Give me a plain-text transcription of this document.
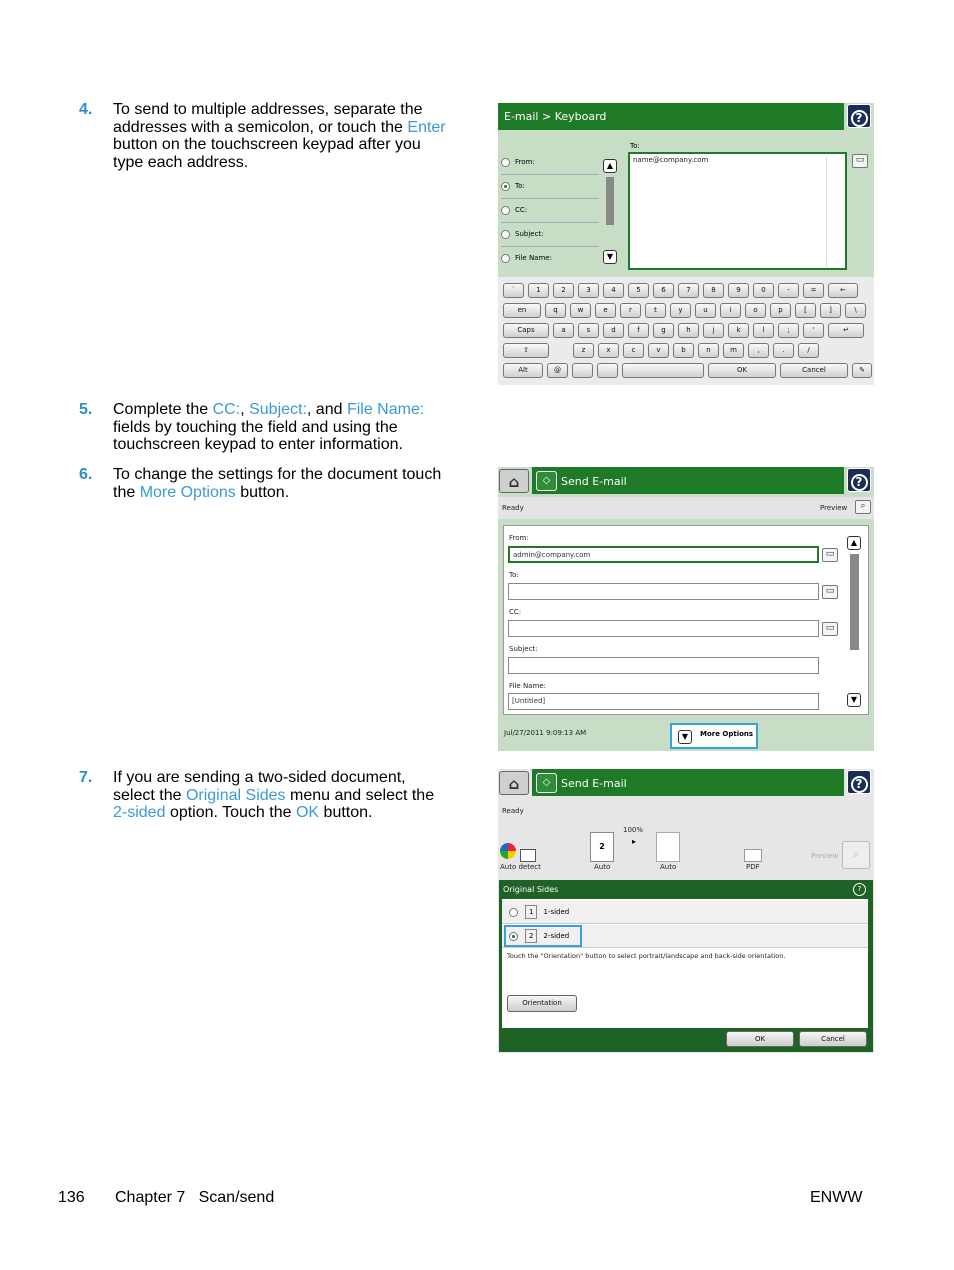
4. To send to multiple addresses, separate the
addresses with a semicolon, or touch the Enter
button on the touchscreen keypad after you
type each address.
5. Complete the CC:, Subject:, and File Name:
fields by touching the field and using the
touchscreen keypad to enter information.
6. To change the settings for the document touch
the More Options button.
7. If you are sending a two-sided document,
select the Original Sides menu and select the
2-sided option. Touch the OK button.
E-mail > Keyboard	?
From:
To:
CC:
Subject:
File Name:
▲
▼
To:
name@company.com	▭
`	1	2	3	4	5	6	7	8	9	0	-	=	←
en	q	w	e	r	t	y	u	i	o	p	[	]	\
Caps	a	s	d	f	g	h	j	k	l	;	'	↵
⇧	z	x	c	v	b	n	m	,	.	/
Alt	@	OK	Cancel	✎
⌂	◇ Send E-mail	?
Ready	Preview	⌕
From:
admin@company.com	▭
To:
▭
CC:
▭
Subject:
File Name:
[Untitled]
▲
▼
Jul/27/2011 9:09:13 AM	▼	More Options
⌂	◇ Send E-mail	?
Ready
100%
▸
Auto detect
2
Auto	Auto	PDF
Preview	⌕
Original Sides	?
1 1-sided
2 2-sided
Touch the "Orientation" button to select portrait/landscape and back-side orientation.
Orientation
OK	Cancel
136 Chapter 7   Scan/send	ENWW
